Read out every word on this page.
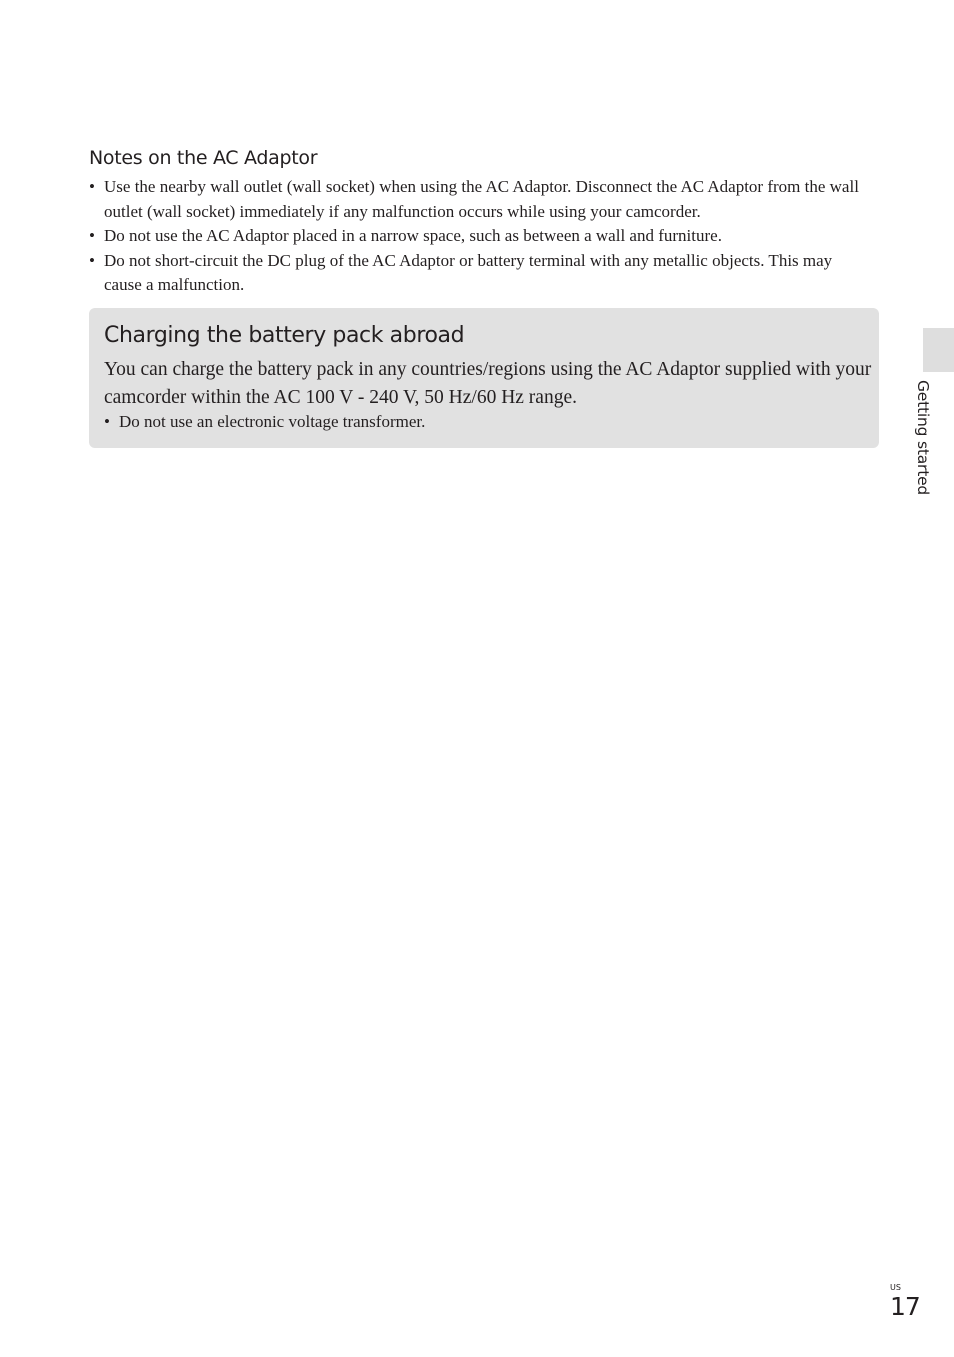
Notes on the AC Adaptor
• Use the nearby wall outlet (wall socket) when using the AC Adaptor. Disconnect the AC Adaptor from the wall outlet (wall socket) immediately if any malfunction occurs while using your camcorder.
• Do not use the AC Adaptor placed in a narrow space, such as between a wall and furniture.
• Do not short-circuit the DC plug of the AC Adaptor or battery terminal with any metallic objects. This may cause a malfunction.
Charging the battery pack abroad

You can charge the battery pack in any countries/regions using the AC Adaptor supplied with your camcorder within the AC 100 V - 240 V, 50 Hz/60 Hz range.

• Do not use an electronic voltage transformer.	Getting started

US

17
